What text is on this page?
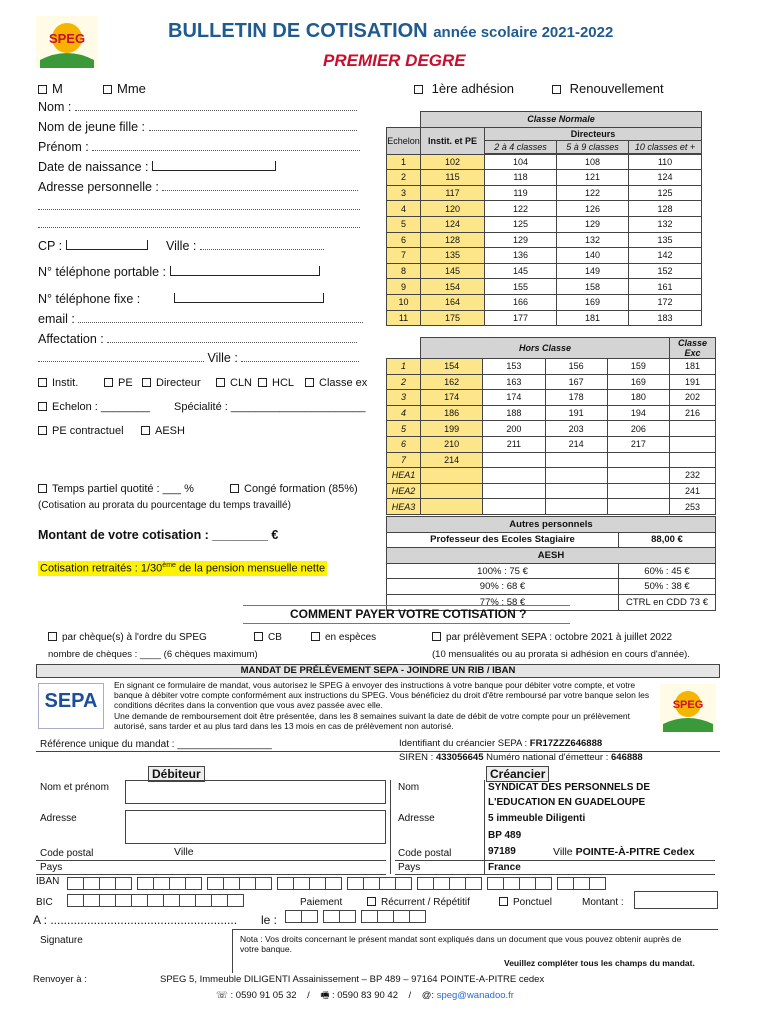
SPEG	BULLETIN DE COTISATION année scolaire 2021-2022
PREMIER DEGRE
M	Mme	1ère adhésion	Renouvellement
Nom :
Nom de jeune fille :
Prénom :
Date de naissance :
Adresse personnelle :
CP :	Ville :
N° téléphone portable :
N° téléphone fixe :
email :
Affectation :
Ville :
Instit.	PE	Directeur	CLN	HCL	Classe ex
Echelon : ________ Spécialité : ______________________
PE contractuel	AESH
Temps partiel quotité : ___ %	Congé formation (85%)
(Cotisation au prorata du pourcentage du temps travaillé)
Montant de votre cotisation : ________ €
Cotisation retraités : 1/30ème de la pension mensuelle nette
	Classe Normale			
Echelon	Instit. et PE	Directeurs		
		2 à 4 classes	5 à 9 classes	10 classes et +

1	102	104	108	110
2	115	118	121	124
3	117	119	122	125
4	120	122	126	128
5	124	125	129	132
6	128	129	132	135
7	135	136	140	142
8	145	145	149	152
9	154	155	158	161
10	164	166	169	172
11	175	177	181	183
	Hors Classe				Classe Exc
1	154	153	156	159	181
2	162	163	167	169	191
3	174	174	178	180	202
4	186	188	191	194	216
5	199	200	203	206	
6	210	211	214	217	
7	214				
HEA1					232
HEA2					241
HEA3					253
Autres personnels	
Professeur des Ecoles Stagiaire	88,00 €
AESH	
100% : 75 €	60% : 45 €
90% : 68 €	50% : 38 €
77% : 58 €	CTRL en CDD 73 €
COMMENT PAYER VOTRE COTISATION ?
par chèque(s) à l'ordre du SPEG	CB	en espèces	par prélèvement SEPA : octobre 2021 à juillet 2022
nombre de chèques : ____ (6 chèques maximum)	(10 mensualités ou au prorata si adhésion en cours d'année).
MANDAT DE PRÉLÈVEMENT SEPA - JOINDRE UN RIB / IBAN
SEPA
En signant ce formulaire de mandat, vous autorisez le SPEG à envoyer des instructions à votre banque pour débiter votre compte, et votre banque à débiter votre compte conformément aux instructions du SPEG. Vous bénéficiez du droit d'être remboursé par votre banque selon les conditions décrites dans la convention que vous avez passée avec elle.
Une demande de remboursement doit être présentée, dans les 8 semaines suivant la date de débit de votre compte pour un prélèvement autorisé, sans tarder et au plus tard dans les 13 mois en cas de prélèvement non autorisé.
SPEG
Référence unique du mandat : _________________	Identifiant du créancier SEPA : FR17ZZZ646888
SIREN : 433056645 Numéro national d'émetteur : 646888
Débiteur
Nom et prénom
Adresse
Code postal	Ville
Pays
Créancier
Nom	SYNDICAT DES PERSONNELS DE
L'EDUCATION EN GUADELOUPE
Adresse	5 immeuble Diligenti
BP 489
Code postal	97189	Ville POINTE-À-PITRE Cedex
Pays	France
IBAN

BIC
											Paiement	Récurrent / Répétitif	Ponctuel	Montant :
A : ........................................................ le :

Signature	Nota : Vos droits concernant le présent mandat sont expliqués dans un document que vous pouvez obtenir auprès de votre banque.
Veuillez compléter tous les champs du mandat.
Renvoyer à :	SPEG 5, Immeuble DILIGENTI Assainissement – BP 489 – 97164 POINTE-A-PITRE cedex
☏ : 0590 91 05 32    /    🖷 : 0590 83 90 42    /    @: speg@wanadoo.fr
